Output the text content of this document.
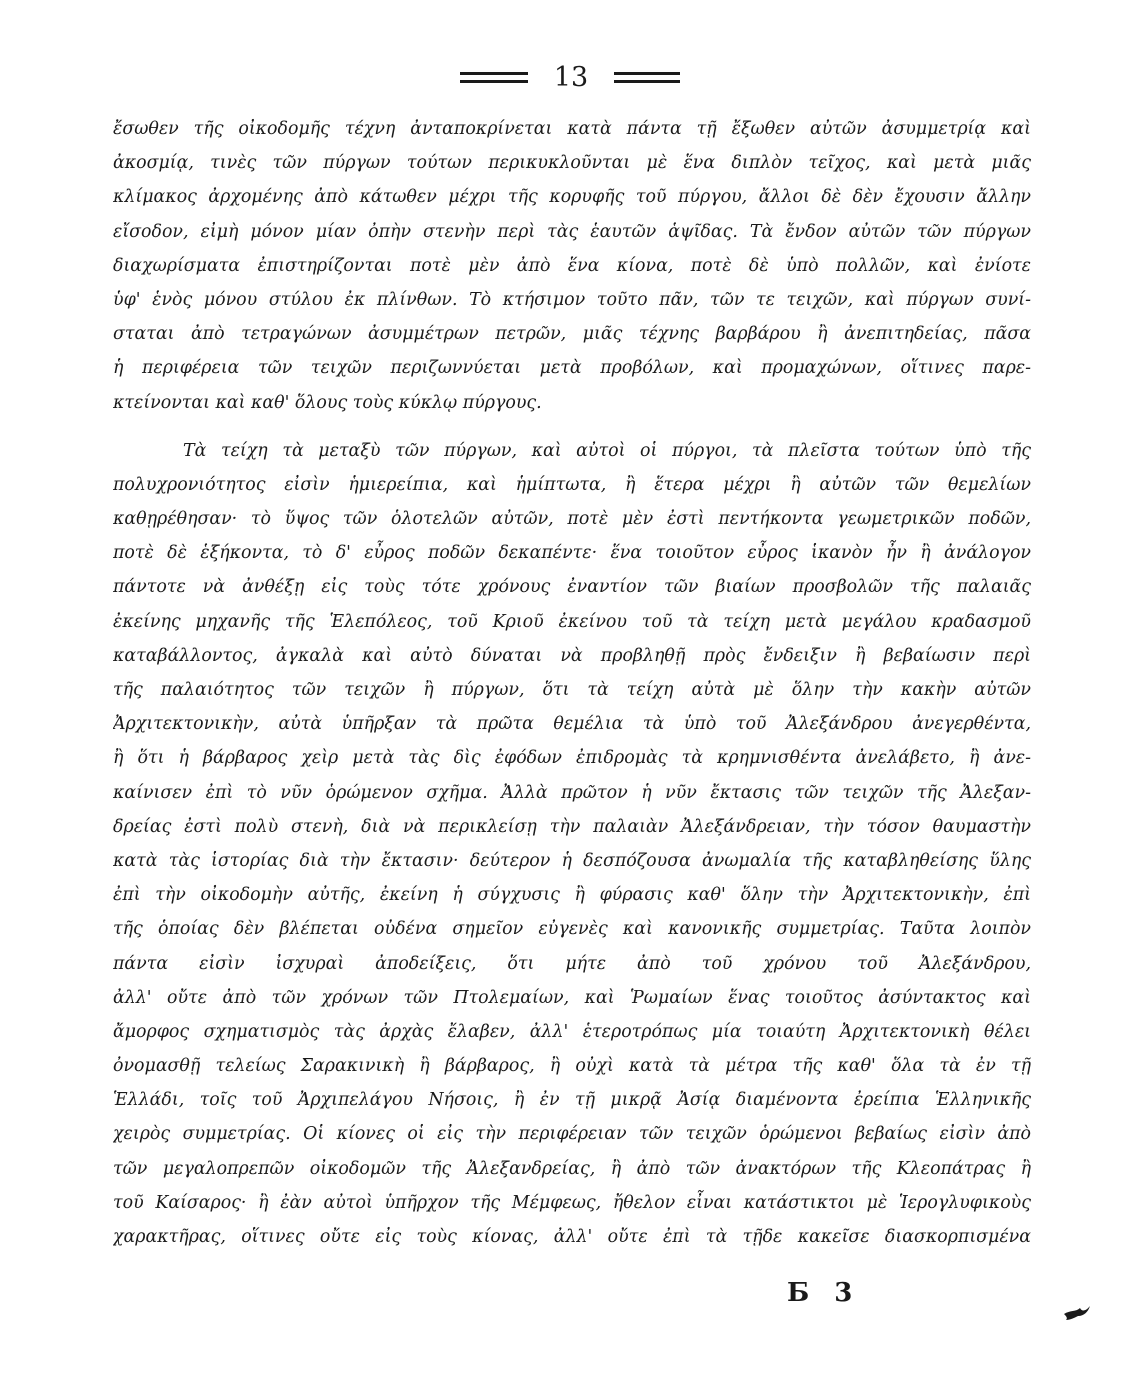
13

ἔσωθεν τῆς οἰκοδομῆς τέχνη ἀνταποκρίνεται κατὰ πάντα τῇ ἔξωθεν αὐτῶν ἀσυμμετρίᾳ καὶ
ἀκοσμίᾳ, τινὲς τῶν πύργων τούτων περικυκλοῦνται μὲ ἕνα διπλὸν τεῖχος, καὶ μετὰ μιᾶς
κλίμακος ἀρχομένης ἀπὸ κάτωθεν μέχρι τῆς κορυφῆς τοῦ πύργου, ἄλλοι δὲ δὲν ἔχουσιν ἄλλην
εἴσοδον, εἰμὴ μόνον μίαν ὀπὴν στενὴν περὶ τὰς ἑαυτῶν ἁψῖδας. Τὰ ἔνδον αὐτῶν τῶν πύργων
διαχωρίσματα ἐπιστηρίζονται ποτὲ μὲν ἀπὸ ἕνα κίονα, ποτὲ δὲ ὑπὸ πολλῶν, καὶ ἐνίοτε
ὑφ' ἑνὸς μόνου στύλου ἐκ πλίνθων. Τὸ κτήσιμον τοῦτο πᾶν, τῶν τε τειχῶν, καὶ πύργων συνί-
σταται ἀπὸ τετραγώνων ἀσυμμέτρων πετρῶν, μιᾶς τέχνης βαρβάρου ἢ ἀνεπιτηδείας, πᾶσα
ἡ περιφέρεια τῶν τειχῶν περιζωννύεται μετὰ προβόλων, καὶ προμαχώνων, οἵτινες παρε-
κτείνονται καὶ καθ' ὅλους τοὺς κύκλῳ πύργους.

Τὰ τείχη τὰ μεταξὺ τῶν πύργων, καὶ αὐτοὶ οἱ πύργοι, τὰ πλεῖστα τούτων ὑπὸ τῆς
πολυχρονιότητος εἰσὶν ἡμιερείπια, καὶ ἡμίπτωτα, ἢ ἕτερα μέχρι ἢ αὐτῶν τῶν θεμελίων
καθῃρέθησαν· τὸ ὕψος τῶν ὁλοτελῶν αὐτῶν, ποτὲ μὲν ἐστὶ πεντήκοντα γεωμετρικῶν ποδῶν,
ποτὲ δὲ ἑξήκοντα, τὸ δ' εὖρος ποδῶν δεκαπέντε· ἕνα τοιοῦτον εὖρος ἱκανὸν ἦν ἢ ἀνάλογον
πάντοτε νὰ ἀνθέξῃ εἰς τοὺς τότε χρόνους ἐναντίον τῶν βιαίων προσβολῶν τῆς παλαιᾶς
ἐκείνης μηχανῆς τῆς Ἑλεπόλεος, τοῦ Κριοῦ ἐκείνου τοῦ τὰ τείχη μετὰ μεγάλου κραδασμοῦ
καταβάλλοντος, ἀγκαλὰ καὶ αὐτὸ δύναται νὰ προβληθῇ πρὸς ἔνδειξιν ἢ βεβαίωσιν περὶ
τῆς παλαιότητος τῶν τειχῶν ἢ πύργων, ὅτι τὰ τείχη αὐτὰ μὲ ὅλην τὴν κακὴν αὐτῶν
Ἀρχιτεκτονικὴν, αὐτὰ ὑπῆρξαν τὰ πρῶτα θεμέλια τὰ ὑπὸ τοῦ Ἀλεξάνδρου ἀνεγερθέντα,
ἢ ὅτι ἡ βάρβαρος χεὶρ μετὰ τὰς δὶς ἐφόδων ἐπιδρομὰς τὰ κρημνισθέντα ἀνελάβετο, ἢ ἀνε-
καίνισεν ἐπὶ τὸ νῦν ὁρώμενον σχῆμα. Ἀλλὰ πρῶτον ἡ νῦν ἔκτασις τῶν τειχῶν τῆς Ἀλεξαν-
δρείας ἐστὶ πολὺ στενὴ, διὰ νὰ περικλείσῃ τὴν παλαιὰν Ἀλεξάνδρειαν, τὴν τόσον θαυμαστὴν
κατὰ τὰς ἱστορίας διὰ τὴν ἔκτασιν· δεύτερον ἡ δεσπόζουσα ἀνωμαλία τῆς καταβληθείσης ὕλης
ἐπὶ τὴν οἰκοδομὴν αὐτῆς, ἐκείνη ἡ σύγχυσις ἢ φύρασις καθ' ὅλην τὴν Ἀρχιτεκτονικὴν, ἐπὶ
τῆς ὁποίας δὲν βλέπεται οὐδένα σημεῖον εὐγενὲς καὶ κανονικῆς συμμετρίας. Ταῦτα λοιπὸν
πάντα εἰσὶν ἰσχυραὶ ἀποδείξεις, ὅτι μήτε ἀπὸ τοῦ χρόνου τοῦ Ἀλεξάνδρου,
ἀλλ' οὔτε ἀπὸ τῶν χρόνων τῶν Πτολεμαίων, καὶ Ῥωμαίων ἕνας τοιοῦτος ἀσύντακτος καὶ
ἄμορφος σχηματισμὸς τὰς ἀρχὰς ἔλαβεν, ἀλλ' ἑτεροτρόπως μία τοιαύτη Ἀρχιτεκτονικὴ θέλει
ὀνομασθῇ τελείως Σαρακινικὴ ἢ βάρβαρος, ἢ οὐχὶ κατὰ τὰ μέτρα τῆς καθ' ὅλα τὰ ἐν τῇ
Ἑλλάδι, τοῖς τοῦ Ἀρχιπελάγου Νήσοις, ἢ ἐν τῇ μικρᾷ Ἀσίᾳ διαμένοντα ἐρείπια Ἑλληνικῆς
χειρὸς συμμετρίας. Οἱ κίονες οἱ εἰς τὴν περιφέρειαν τῶν τειχῶν ὁρώμενοι βεβαίως εἰσὶν ἀπὸ
τῶν μεγαλοπρεπῶν οἰκοδομῶν τῆς Ἀλεξανδρείας, ἢ ἀπὸ τῶν ἀνακτόρων τῆς Κλεοπάτρας ἢ
τοῦ Καίσαρος· ἢ ἐὰν αὐτοὶ ὑπῆρχον τῆς Μέμφεως, ἤθελον εἶναι κατάστικτοι μὲ Ἱερογλυφικοὺς
χαρακτῆρας, οἵτινες οὔτε εἰς τοὺς κίονας, ἀλλ' οὔτε ἐπὶ τὰ τῇδε κακεῖσε διασκορπισμένα

Б 3
